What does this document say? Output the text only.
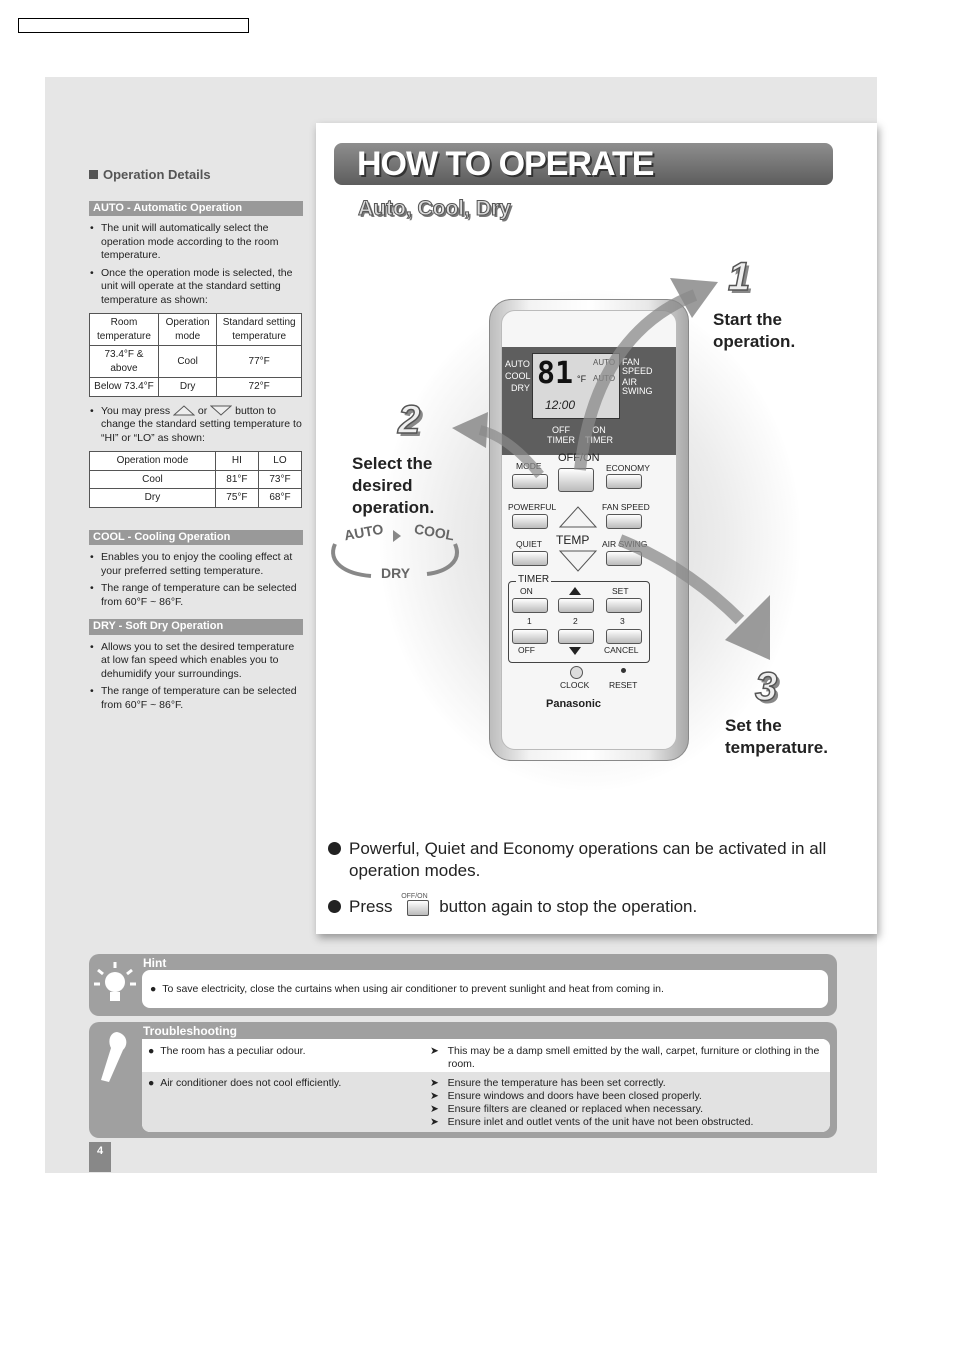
Operation Details
AUTO - Automatic Operation
• The unit will automatically select the operation mode according to the room temperature.
• Once the operation mode is selected, the unit will operate at the standard setting temperature as shown:
Room temperature	Operation mode	Standard setting temperature
73.4°F & above	Cool	77°F
Below 73.4°F	Dry	72°F
• You may press	or	button to change the standard setting temperature to “HI” or “LO” as shown:
Operation mode	HI	LO
Cool	81°F	73°F
Dry	75°F	68°F
COOL - Cooling Operation
• Enables you to enjoy the cooling effect at your preferred setting temperature.
• The range of temperature can be selected from 60°F ~ 86°F.
DRY - Soft Dry Operation
• Allows you to set the desired temperature at low fan speed which enables you to dehumidify your surroundings.
• The range of temperature can be selected from 60°F ~ 86°F.
HOW TO OPERATE
Auto, Cool, Dry
AUTO
COOL
DRY 81 °F
AUTO
AUTO
12:00
FAN
SPEED
AIR
SWING
OFF TIMER
ON TIMER
MODE
OFF/ON
ECONOMY
POWERFUL	FAN SPEED
TEMP
QUIET	AIR SWING
TIMER
ON	SET
1	2	3
OFF	CANCEL
CLOCK RESET
Panasonic
1
Start the
operation.
2
Select the
desired
operation.
3
Set the
temperature.
AUTO COOL
DRY

Powerful, Quiet and Economy operations can be activated in all operation modes.

Press
OFF/ON
button again to stop the operation.

●  To save electricity, close the curtains when using air conditioner to prevent sunlight and heat from coming in.
Hint
●  The room has a peculiar odour.	➤   This may be a damp smell emitted by the wall, carpet, furniture or clothing in the room.
●  Air conditioner does not cool efficiently.	➤   Ensure the temperature has been set correctly.
➤   Ensure windows and doors have been closed properly.
➤   Ensure filters are cleaned or replaced when necessary.
➤   Ensure inlet and outlet vents of the unit have not been obstructed.
Troubleshooting
4
